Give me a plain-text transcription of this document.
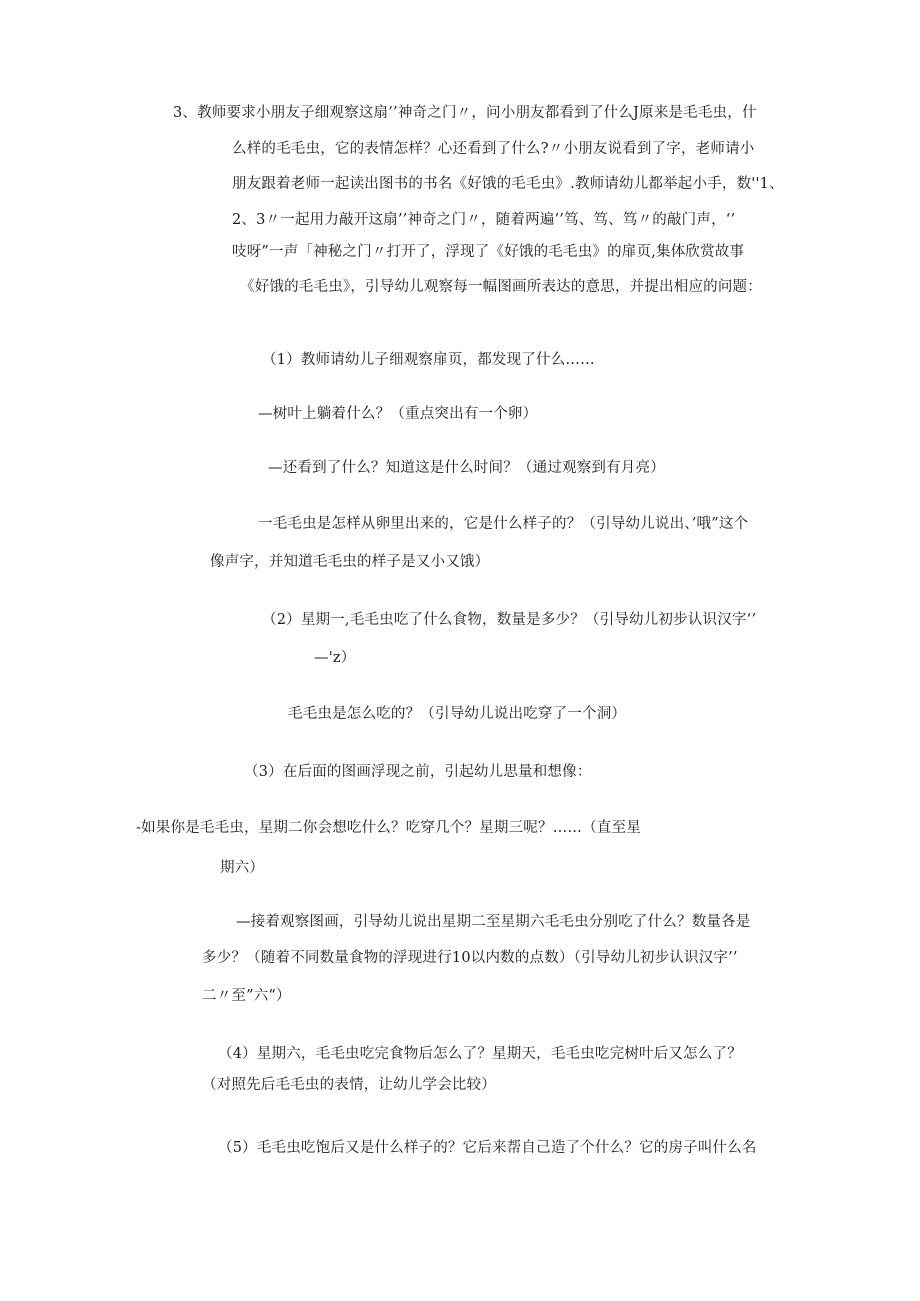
3、教师要求小朋友子细观察这扇’’神奇之门〃，问小朋友都看到了什么J原来是毛毛虫，什
么样的毛毛虫，它的表情怎样？心还看到了什么?〃小朋友说看到了字，老师请小
朋友跟着老师一起读出图书的书名《好饿的毛毛虫》.教师请幼儿都举起小手，数''1、
2、3〃一起用力敲开这扇’’神奇之门〃，随着两遍’’笃、笃、笃〃的敲门声，‘’
吱呀”一声「神秘之门〃打开了，浮现了《好饿的毛毛虫》的扉页,集体欣赏故事
《好饿的毛毛虫》，引导幼儿观察每一幅图画所表达的意思，并提出相应的问题：
（1）教师请幼儿子细观察扉页，都发现了什么……
—树叶上躺着什么？（重点突出有一个卵）
—还看到了什么？知道这是什么时间？（通过观察到有月亮）
一毛毛虫是怎样从卵里出来的，它是什么样子的？（引导幼儿说出、’哦”这个
像声字，并知道毛毛虫的样子是又小又饿）
（2）星期一,毛毛虫吃了什么食物，数量是多少？（引导幼儿初步认识汉字‘’
—'z）
毛毛虫是怎么吃的？（引导幼儿说出吃穿了一个洞）
（3）在后面的图画浮现之前，引起幼儿思量和想像：
-如果你是毛毛虫，星期二你会想吃什么？吃穿几个？星期三呢？……（直至星
期六）
—接着观察图画，引导幼儿说出星期二至星期六毛毛虫分别吃了什么？数量各是
多少？（随着不同数量食物的浮现进行10以内数的点数）（引导幼儿初步认识汉字’’
二〃至”六“）
（4）星期六，毛毛虫吃完食物后怎么了？星期天，毛毛虫吃完树叶后又怎么了？
（对照先后毛毛虫的表情，让幼儿学会比较）
（5）毛毛虫吃饱后又是什么样子的？它后来帮自己造了个什么？它的房子叫什么名
